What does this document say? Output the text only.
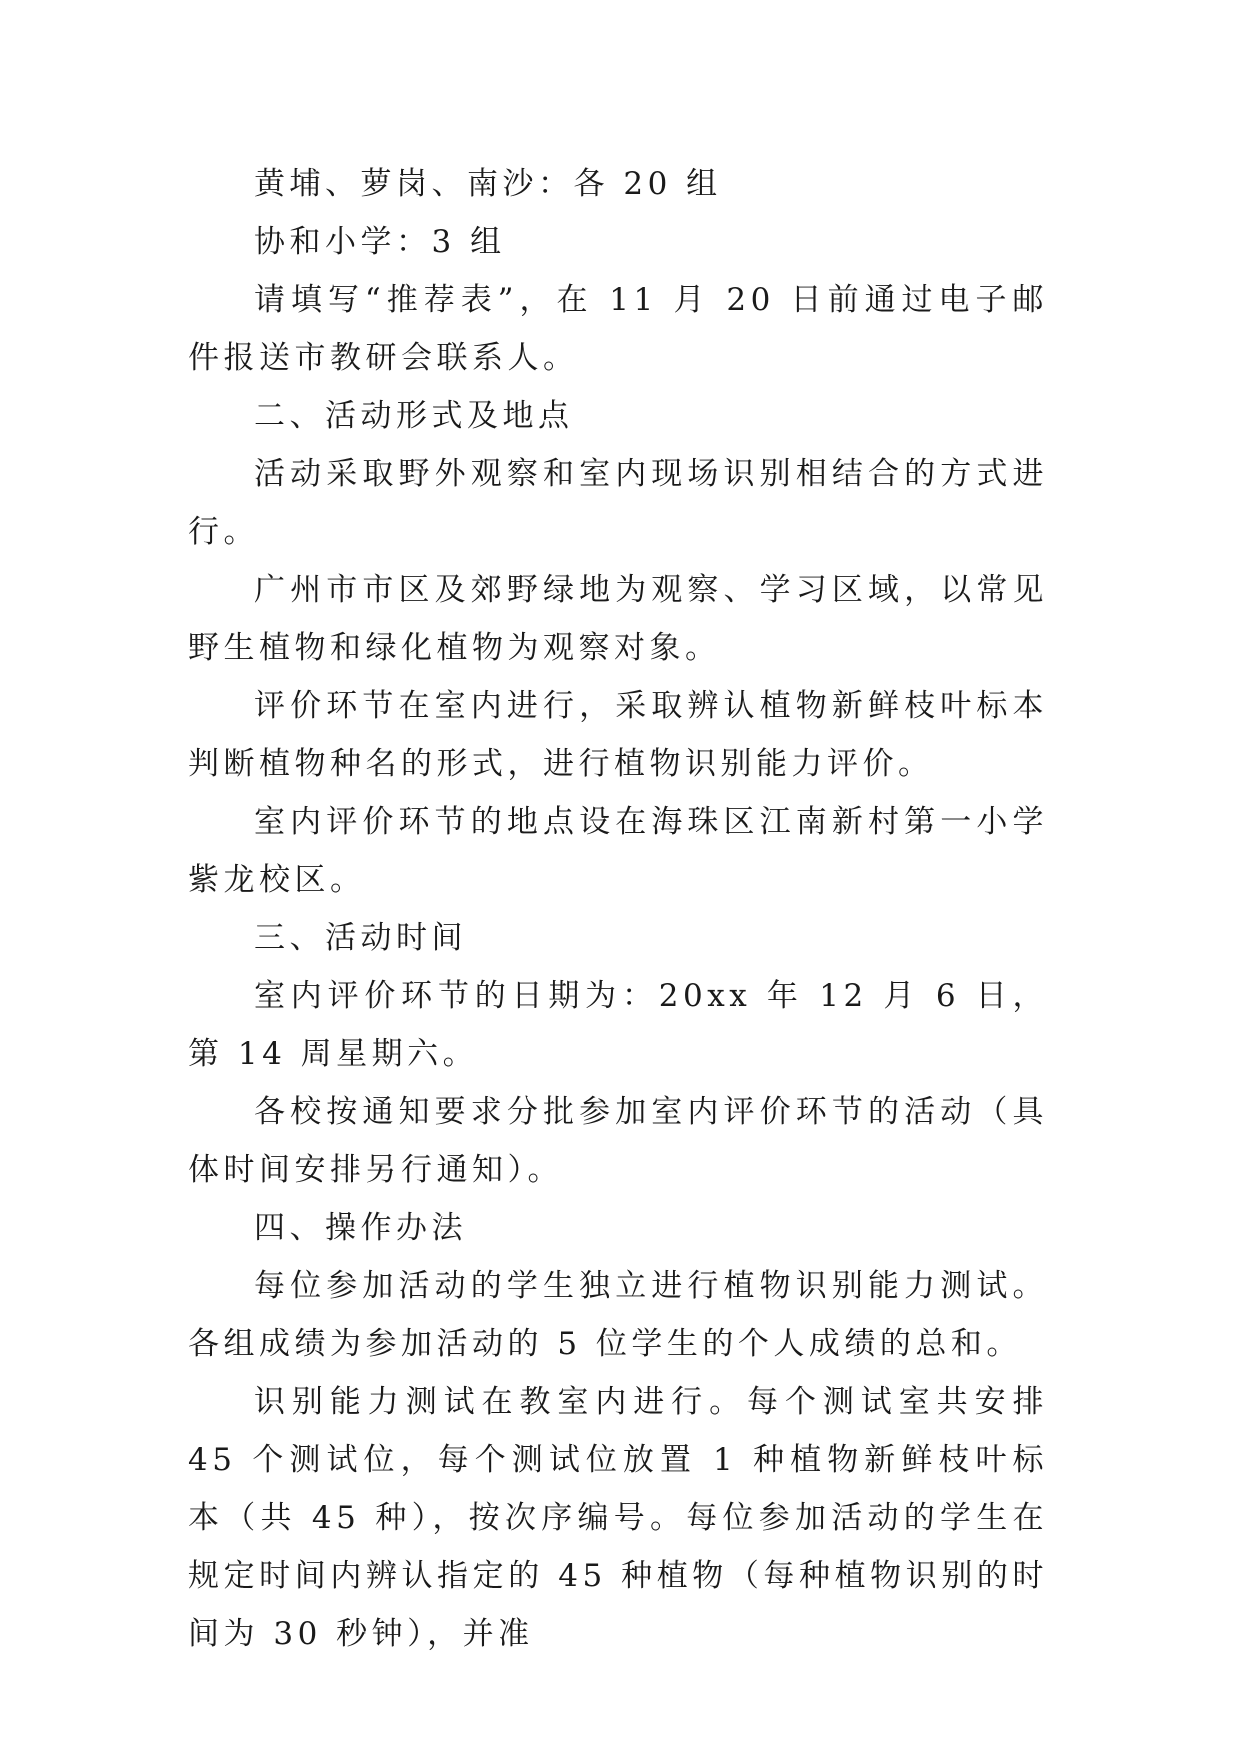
黄埔、萝岗、南沙：各 20 组

协和小学：3 组

请填写“推荐表”，在 11 月 20 日前通过电子邮件报送市教研会联系人。

二、活动形式及地点

活动采取野外观察和室内现场识别相结合的方式进行。

广州市市区及郊野绿地为观察、学习区域，以常见野生植物和绿化植物为观察对象。

评价环节在室内进行，采取辨认植物新鲜枝叶标本判断植物种名的形式，进行植物识别能力评价。

室内评价环节的地点设在海珠区江南新村第一小学紫龙校区。

三、活动时间

室内评价环节的日期为：20xx 年 12 月 6 日，第 14 周星期六。

各校按通知要求分批参加室内评价环节的活动（具体时间安排另行通知）。

四、操作办法

每位参加活动的学生独立进行植物识别能力测试。各组成绩为参加活动的 5 位学生的个人成绩的总和。

识别能力测试在教室内进行。每个测试室共安排 45 个测试位，每个测试位放置 1 种植物新鲜枝叶标本（共 45 种），按次序编号。每位参加活动的学生在规定时间内辨认指定的 45 种植物（每种植物识别的时间为 30 秒钟），并准
